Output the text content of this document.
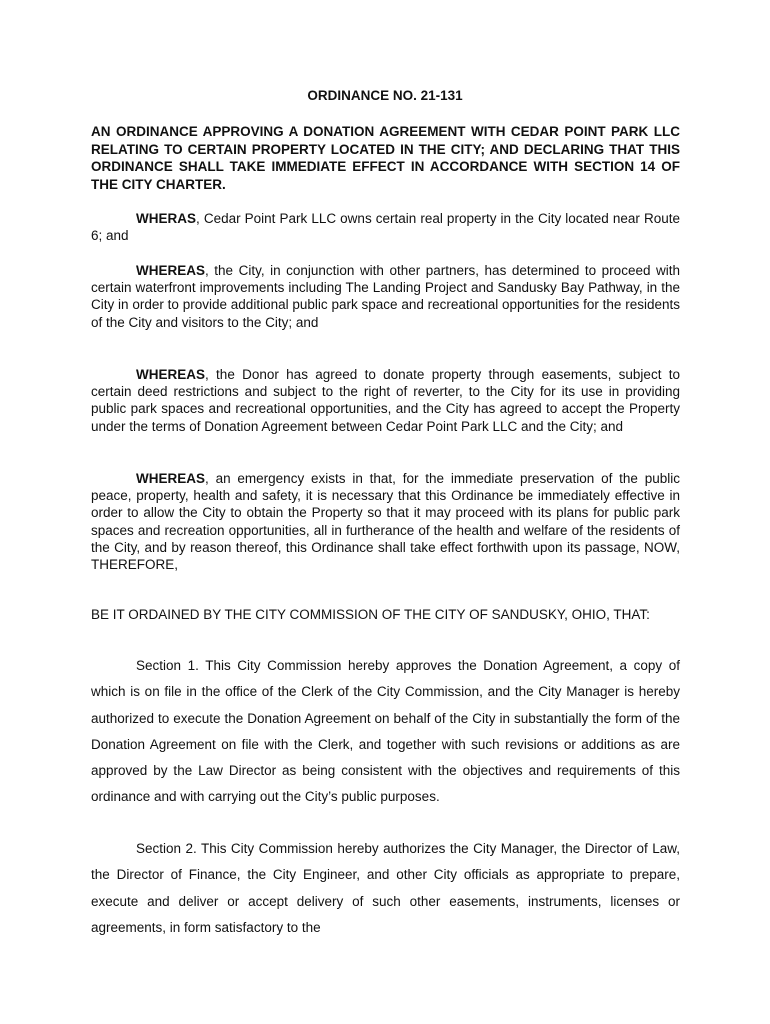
ORDINANCE NO. 21-131
AN ORDINANCE APPROVING A DONATION AGREEMENT WITH CEDAR POINT PARK LLC RELATING TO CERTAIN PROPERTY LOCATED IN THE CITY; AND DECLARING THAT THIS ORDINANCE SHALL TAKE IMMEDIATE EFFECT IN ACCORDANCE WITH SECTION 14 OF THE CITY CHARTER.
WHERAS, Cedar Point Park LLC owns certain real property in the City located near Route 6; and
WHEREAS, the City, in conjunction with other partners, has determined to proceed with certain waterfront improvements including The Landing Project and Sandusky Bay Pathway, in the City in order to provide additional public park space and recreational opportunities for the residents of the City and visitors to the City; and
WHEREAS, the Donor has agreed to donate property through easements, subject to certain deed restrictions and subject to the right of reverter, to the City for its use in providing public park spaces and recreational opportunities, and the City has agreed to accept the Property under the terms of Donation Agreement between Cedar Point Park LLC and the City; and
WHEREAS, an emergency exists in that, for the immediate preservation of the public peace, property, health and safety, it is necessary that this Ordinance be immediately effective in order to allow the City to obtain the Property so that it may proceed with its plans for public park spaces and recreation opportunities, all in furtherance of the health and welfare of the residents of the City, and by reason thereof, this Ordinance shall take effect forthwith upon its passage, NOW, THEREFORE,
BE IT ORDAINED BY THE CITY COMMISSION OF THE CITY OF SANDUSKY, OHIO, THAT:
Section 1. This City Commission hereby approves the Donation Agreement, a copy of which is on file in the office of the Clerk of the City Commission, and the City Manager is hereby authorized to execute the Donation Agreement on behalf of the City in substantially the form of the Donation Agreement on file with the Clerk, and together with such revisions or additions as are approved by the Law Director as being consistent with the objectives and requirements of this ordinance and with carrying out the City’s public purposes.
Section 2. This City Commission hereby authorizes the City Manager, the Director of Law, the Director of Finance, the City Engineer, and other City officials as appropriate to prepare, execute and deliver or accept delivery of such other easements, instruments, licenses or agreements, in form satisfactory to the
